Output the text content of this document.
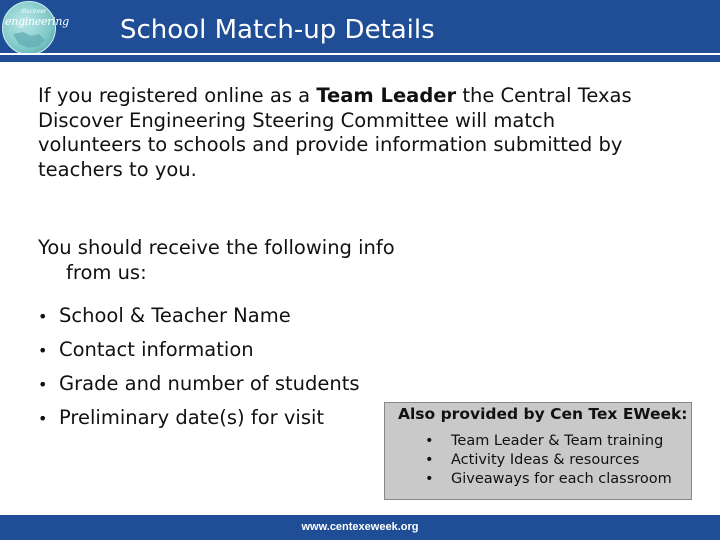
discover
engineering School Match-up Details
If you registered online as a Team Leader the Central Texas Discover Engineering Steering Committee will match volunteers to schools and provide information submitted by teachers to you.
You should receive the following info
from us:
• School & Teacher Name
• Contact information
• Grade and number of students
• Preliminary date(s) for visit	Also provided by Cen Tex EWeek:
• Team Leader & Team training
• Activity Ideas & resources
• Giveaways for each classroom
www.centexeweek.org
